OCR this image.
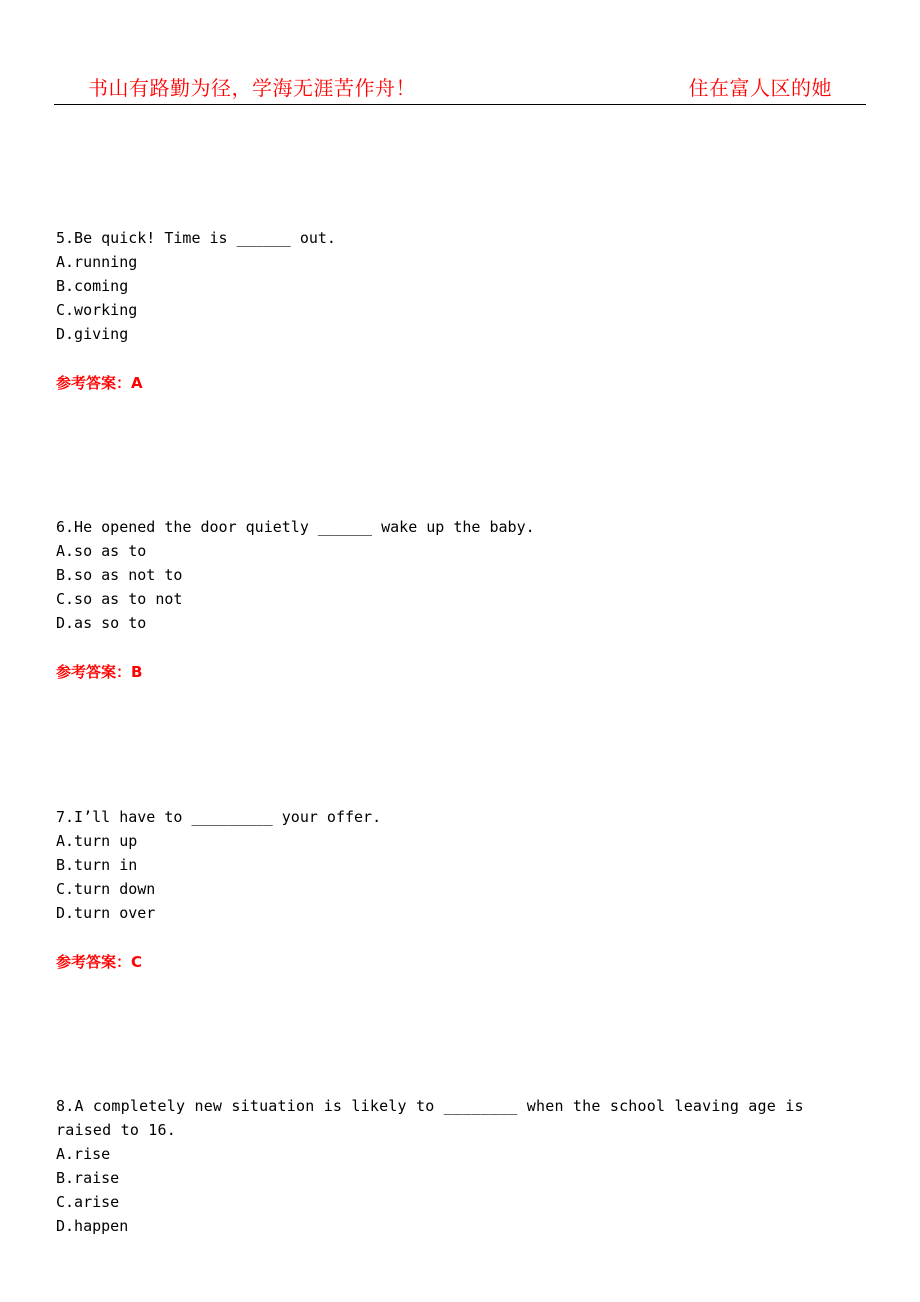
书山有路勤为径，学海无涯苦作舟！	住在富人区的她
5.Be quick! Time is ______ out.
A.running
B.coming
C.working
D.giving
参考答案：A
6.He opened the door quietly ______ wake up the baby.
A.so as to
B.so as not to
C.so as to not
D.as so to
参考答案：B
7.I’ll have to _________ your offer.
A.turn up
B.turn in
C.turn down
D.turn over
参考答案：C
8.A completely new situation is likely to ________ when the school leaving age is raised to 16.
A.rise
B.raise
C.arise
D.happen
